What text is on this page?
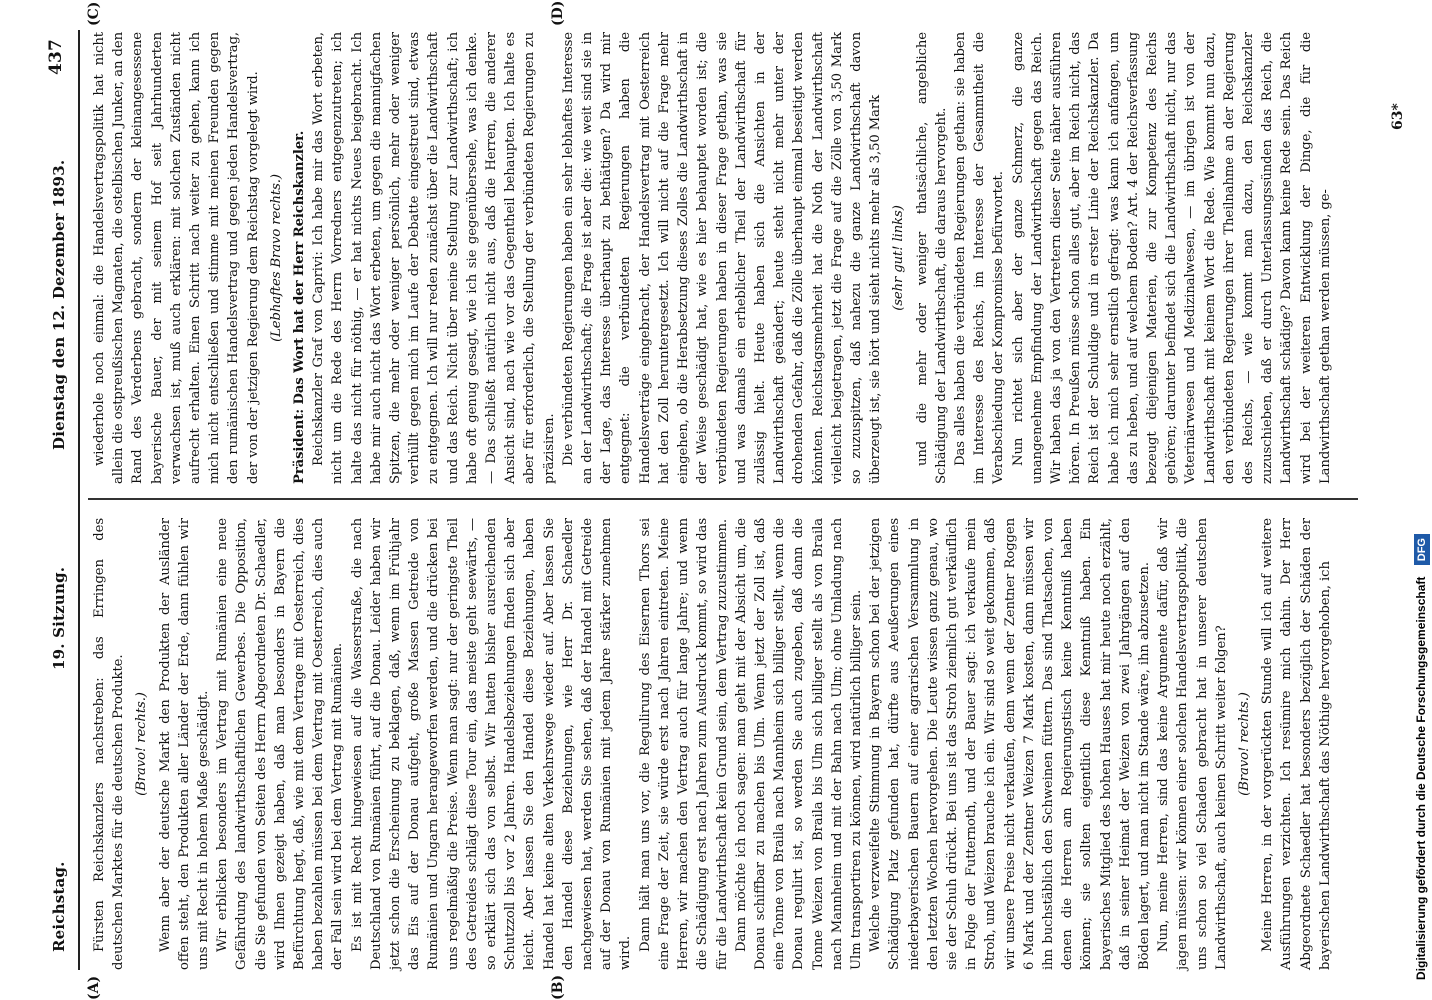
Reichstag.
19. Sitzung.
Dienstag den 12. Dezember 1893.
437
(A)	(B)
(C)	(D)

Fürsten Reichskanzlers nachstreben: das Erringen des deutschen Marktes für die deutschen Produkte. (Bravo! rechts.) Wenn aber der deutsche Markt den Produkten der Ausländer offen steht, den Produkten aller Länder der Erde, dann fühlen wir uns mit Recht in hohem Maße geschädigt. Wir erblicken besonders im Vertrag mit Rumänien eine neue Gefährdung des landwirthschaftlichen Gewerbes. Die Opposition, die Sie gefunden von Seiten des Herrn Abgeordneten Dr. Schaedler, wird Ihnen gezeigt haben, daß man besonders in Bayern die Befürchtung hegt, daß, wie mit dem Vertrage mit Oesterreich, dies haben bezahlen müssen bei dem Vertrag mit Oesterreich, dies auch der Fall sein wird bei dem Vertrag mit Rumänien. Es ist mit Recht hingewiesen auf die Wasserstraße, die nach Deutschland von Rumänien führt, auf die Donau. Leider haben wir jetzt schon die Erscheinung zu beklagen, daß, wenn im Frühjahr das Eis auf der Donau aufgeht, große Massen Getreide von Rumänien und Ungarn herangeworfen werden, und die drücken bei uns regelmäßig die Preise. Wenn man sagt: nur der geringste Theil des Getreides schlägt diese Tour ein, das meiste geht seewärts, — so erklärt sich das von selbst. Wir hatten bisher ausreichenden Schutzzoll bis vor 2 Jahren. Handelsbeziehungen finden sich aber leicht. Aber lassen Sie den Handel diese Beziehungen, haben Handel hat keine alten Verkehrswege wieder auf. Aber lassen Sie den Handel diese Beziehungen, wie Herr Dr. Schaedler nachgewiesen hat, werden Sie sehen, daß der Handel mit Getreide auf der Donau von Rumänien mit jedem Jahre stärker zunehmen wird.

Dann hält man uns vor, die Regulirung des Eisernen Thors sei eine Frage der Zeit, sie würde erst nach Jahren eintreten. Meine Herren, wir machen den Vertrag auch für lange Jahre; und wenn die Schädigung erst nach Jahren zum Ausdruck kommt, so wird das für die Landwirthschaft kein Grund sein, dem Vertrag zuzustimmen. Dann möchte ich noch sagen: man geht mit der Absicht um, die Donau schiffbar zu machen bis Ulm. Wenn jetzt der Zoll ist, daß eine Tonne von Braila nach Mannheim sich billiger stellt, wenn die Donau regulirt ist, so werden Sie auch zugeben, daß dann die Tonne Weizen von Braila bis Ulm sich billiger stellt als von Braila nach Mannheim und mit der Bahn nach Ulm; ohne Umladung nach Ulm transportiren zu können, wird natürlich billiger sein. Welche verzweifelte Stimmung in Bayern schon bei der jetzigen Schädigung Platz gefunden hat, dürfte aus Aeußerungen eines niederbayerischen Bauern auf einer agrarischen Versammlung in den letzten Wochen hervorgehen. Die Leute wissen ganz genau, wo sie der Schuh drückt. Bei uns ist das Stroh ziemlich gut verkäuflich in Folge der Futternoth, und der Bauer sagt: ich verkaufe mein Stroh, und Weizen brauche ich ein. Wir sind so weit gekommen, daß wir unsere Preise nicht verkaufen, denn wenn der Zentner Roggen 6 Mark und der Zentner Weizen 7 Mark kosten, dann müssen wir ihn buchstäblich den Schweinen füttern. Das sind Thatsachen, von denen die Herren am Regierungstisch keine Kenntniß haben können; sie sollten eigentlich diese Kenntniß haben. Ein bayerisches Mitglied des hohen Hauses hat mir heute noch erzählt, daß in seiner Heimat der Weizen von zwei Jahrgängen auf den Böden lagert, und man nicht im Stande wäre, ihn abzusetzen. Nun, meine Herren, sind das keine Argumente dafür, daß wir jagen müssen: wir können einer solchen Handelsvertragspolitik, die uns schon so viel Schaden gebracht hat in unserer deutschen Landwirthschaft, auch keinen Schritt weiter folgen? (Bravo! rechts.) Meine Herren, in der vorgerückten Stunde will ich auf weitere Ausführungen verzichten. Ich resümire mich dahin. Der Herr Abgeordnete Schaedler hat besonders bezüglich der Schäden der bayerischen Landwirthschaft das Nöthige hervorgehoben, ich

wiederhole noch einmal: die Handelsvertragspolitik hat nicht allein die ostpreußischen Magnaten, die ostelbischen Junker, an den Rand des Verderbens gebracht, sondern der kleinangesessene bayerische Bauer, der mit seinem Hof seit Jahrhunderten verwachsen ist, muß auch erklären: mit solchen Zuständen nicht aufrecht erhalten. Einen Schritt nach weiter zu gehen, kann ich mich nicht entschließen und stimme mit meinen Freunden gegen den rumänischen Handelsvertrag und gegen jeden Handelsvertrag, der von der jetzigen Regierung dem Reichstag vorgelegt wird. (Lebhaftes Bravo rechts.) Präsident: Das Wort hat der Herr Reichskanzler. Reichskanzler Graf von Caprivi: Ich habe mir das Wort erbeten, nicht um die Rede des Herrn Vorredners entgegenzutreten; ich halte das nicht für nöthig, — er hat nichts Neues beigebracht. Ich habe mir auch nicht das Wort erbeten, um gegen die mannigfachen Spitzen, die mehr oder weniger persönlich, mehr oder weniger verhüllt gegen mich im Laufe der Debatte eingestreut sind, etwas zu entgegnen. Ich will nur reden zunächst über die Landwirthschaft und das Reich. Nicht über meine Stellung zur Landwirthschaft; ich habe oft genug gesagt, wie ich sie gegenübersehe, was ich denke. — Das schließt natürlich nicht aus, daß die Herren, die anderer Ansicht sind, nach wie vor das Gegentheil behaupten. Ich halte es aber für erforderlich, die Stellung der verbündeten Regierungen zu präzisiren. Die verbündeten Regierungen haben ein sehr lebhaftes Interesse an der Landwirthschaft; die Frage ist aber die: wie weit sind sie in der Lage, das Interesse überhaupt zu bethätigen? Da wird mir entgegnet: die verbündeten Regierungen haben die Handelsverträge eingebracht, der Handelsvertrag mit Oesterreich hat den Zoll heruntergesetzt. Ich will nicht auf die Frage mehr eingehen, ob die Herabsetzung dieses Zolles die Landwirthschaft in der Weise geschädigt hat, wie es hier behauptet worden ist; die verbündeten Regierungen haben in dieser Frage gethan, was sie und was damals ein erheblicher Theil der Landwirthschaft für zulässig hielt. Heute haben sich die Ansichten in der Landwirthschaft geändert; heute steht nicht mehr unter der drohenden Gefahr, daß die Zölle überhaupt einmal beseitigt werden könnten. Reichstagsmehrheit hat die Noth der Landwirthschaft vielleicht beigetragen, jetzt die Frage auf die Zölle von 3,50 Mark so zuzuspitzen, daß nahezu die ganze Landwirthschaft davon überzeugt ist, sie hört und sieht nichts mehr als 3,50 Mark (sehr gut! links) und die mehr oder weniger thatsächliche, angebliche Schädigung der Landwirthschaft, die daraus hervorgeht. Das alles haben die verbündeten Regierungen gethan: sie haben im Interesse des Reichs, im Interesse der Gesammtheit die Verabschiedung der Kompromisse befürwortet. Nun richtet sich aber der ganze Schmerz, die ganze unangenehme Empfindung der Landwirthschaft gegen das Reich. Wir haben das ja von den Vertretern dieser Seite näher ausführen hören. In Preußen müsse schon alles gut, aber im Reich nicht, das Reich ist der Schuldige und in erster Linie der Reichskanzler. Da habe ich mich sehr ernstlich gefragt: was kann ich anfangen, um das zu heben, und auf welchem Boden? Art. 4 der Reichsverfassung bezeugt diejenigen Materien, die zur Kompetenz des Reichs gehören; darunter befindet sich die Landwirthschaft nicht, nur das Veterinärwesen und Medizinalwesen, — im übrigen ist von der Landwirthschaft mit keinem Wort die Rede. Wie kommt nun dazu, den verbündeten Regierungen ihrer Theilnahme an der Regierung des Reichs, — wie kommt man dazu, den Reichskanzler zuzuschieben, daß er durch Unterlassungssünden das Reich, die Landwirthschaft schädige? Davon kann keine Rede sein. Das Reich wird bei der weiteren Entwicklung der Dinge, die für die Landwirthschaft gethan werden müssen, ge-

63*
Digitalisierung gefördert durch die Deutsche Forschungsgemeinschaft DFG
